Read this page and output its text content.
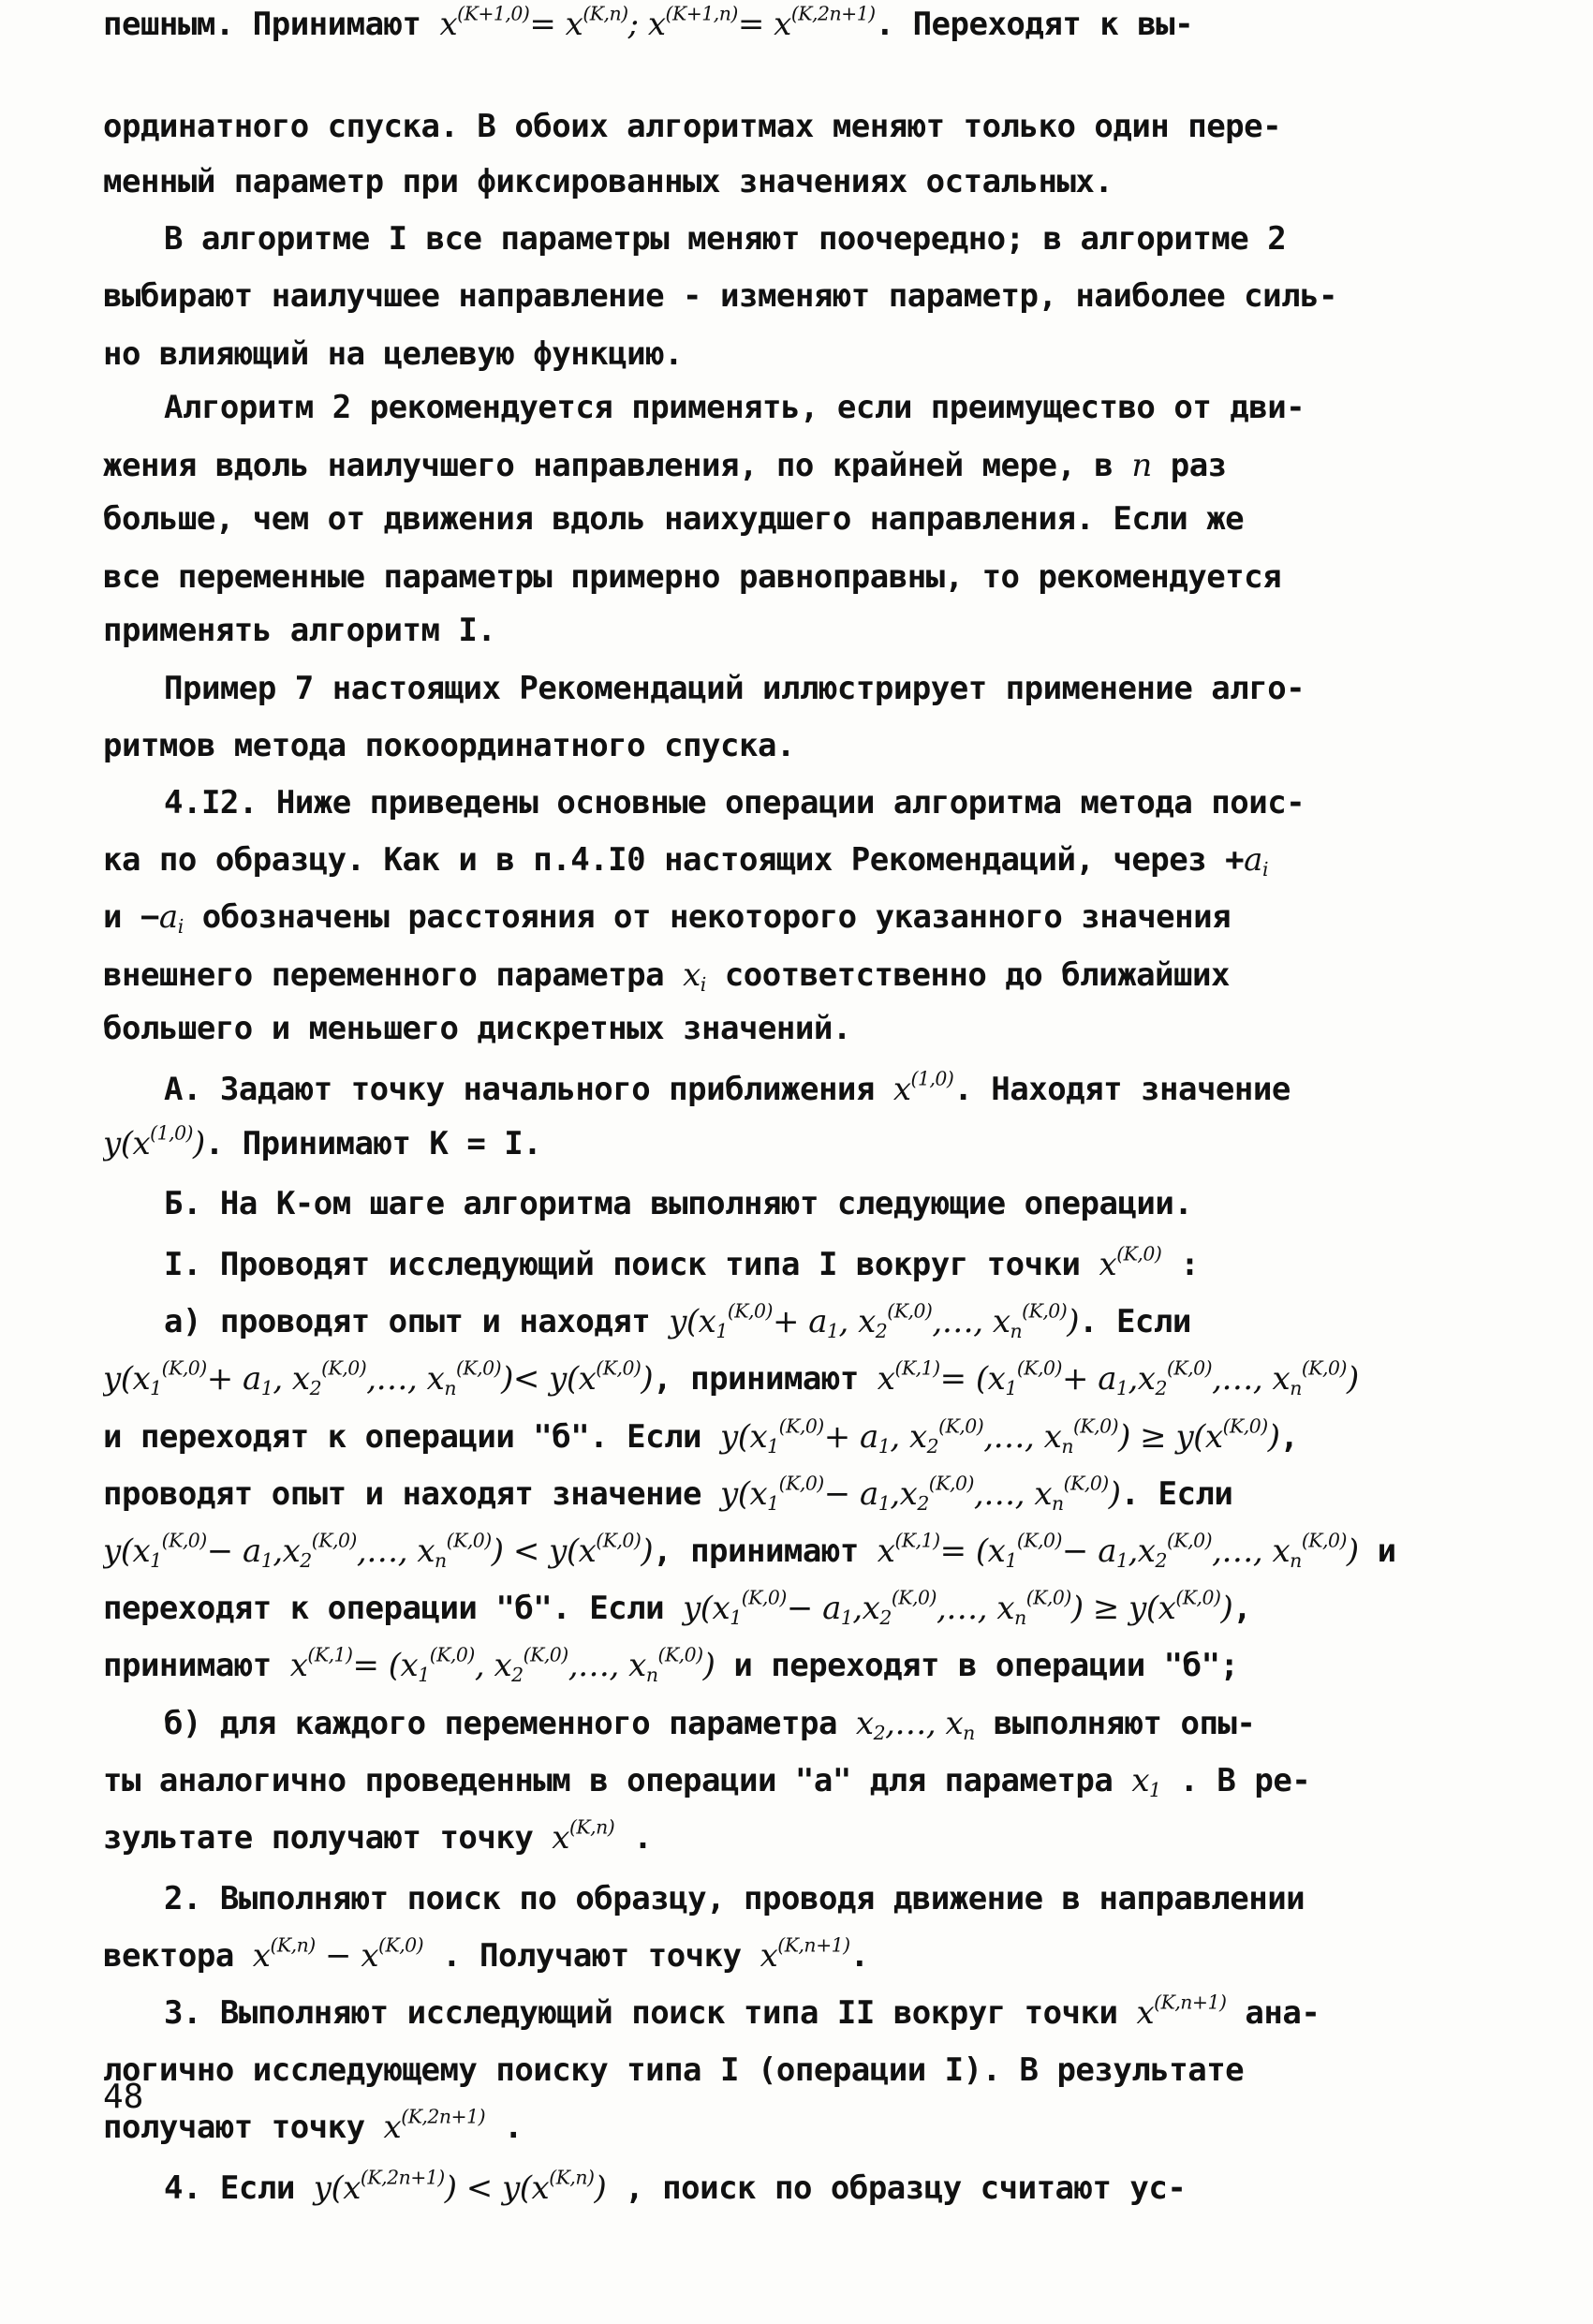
ординатного спуска. В обоих алгоритмах меняют только один пере-
менный параметр при фиксированных значениях остальных.
В алгоритме I все параметры меняют поочередно; в алгоритме 2
выбирают наилучшее направление - изменяют параметр, наиболее силь-
но влияющий на целевую функцию.
Алгоритм 2 рекомендуется применять, если преимущество от дви-
жения вдоль наилучшего направления, по крайней мере, в n раз
больше, чем от движения вдоль наихудшего направления. Если же
все переменные параметры примерно равноправны, то рекомендуется
применять алгоритм I.
Пример 7 настоящих Рекомендаций иллюстрирует применение алго-
ритмов метода покоординатного спуска.
4.I2. Ниже приведены основные операции алгоритма метода поис-
ка по образцу. Как и в п.4.I0 настоящих Рекомендаций, через $+a_i$
$и -a_i$ обозначены расстояния от некоторого указанного значения
внешнего переменного параметра $x_i$ соответственно до ближайших
большего и меньшего дискретных значений.
А. Задают точку начального приближения $x^{(1,0)}$. Находят значение
$y(x^{(1,0)})$. Принимают К = I.
Б. На К-ом шаге алгоритма выполняют следующие операции.
I. Проводят исследующий поиск типа I вокруг точки $x^{(K,0)}$ :
а) проводят опыт и находят $y(x_1^{(K,0)}+ a_1$, $x_2^{(K,0)},\dots$, $x_n^{(K,0)}$). Если
$y(x_1^{(K,0)}+ a_1$, $x_2^{(K,0)},\dots$, $x_n^{(K,0)})< y(x^{(K,0)})$, принимают $x^{(K,1)}= (x_1^{(K,0)}+$ $a_1,x_2^{(K,0)},\dots$, $x_n^{(K,0)}$)
и переходят к операции "б". Если $y(x_1^{(K,0)}+ a_1$, $x_2^{(K,0)},\dots$, $x_n^{(K,0)}) \ge y(x^{(K,0)})$,
проводят опыт и находят значение $y(x_1^{(K,0)}-$ $a_1,x_2^{(K,0)},\dots$, $x_n^{(K,0)}$). Если
$y(x_1^{(K,0)}-$ $a_1,x_2^{(K,0)},\dots$, $x_n^{(K,0)}) < y(x^{(K,0)})$, принимают $x^{(K,1)}= (x_1^{(K,0)}-$ $a_1,x_2^{(K,0)},\dots$, $x_n^{(K,0)}$) и
переходят к операции "б". Если $y(x_1^{(K,0)}-$ $a_1,x_2^{(K,0)},\dots$, $x_n^{(K,0)}) \ge y(x^{(K,0)})$,
принимают $x^{(K,1)}= (x_1^{(K,0)}$, $x_2^{(K,0)},\dots$, $x_n^{(K,0)}$) и переходят в операции "б";
б) для каждого переменного параметра $x_2,\dots$, $x_n$ выполняют опы-
ты аналогично проведенным в операции "а" для параметра $x_1$ . В ре-
зультате получают точку $x^{(K,n)}$ .
2. Выполняют поиск по образцу, проводя движение в направлении
вектора $x^{(K,n)} - x^{(K,0)}$ . Получают точку $x^{(K,n+1)}$.
3. Выполняют исследующий поиск типа II вокруг точки $x^{(K,n+1)}$ ана-
логично исследующему поиску типа I (операции I). В результате
получают точку $x^{(K,2n+1)}$ .
4. Если $y(x^{(K,2n+1)}) < y(x^{(K,n)})$ , поиск по образцу считают ус-
пешным. Принимают $x^{(K+1,0)}= x^{(K,n)}$; $x^{(K+1,n)}= x^{(K,2n+1)}$. Переходят к вы-
48
